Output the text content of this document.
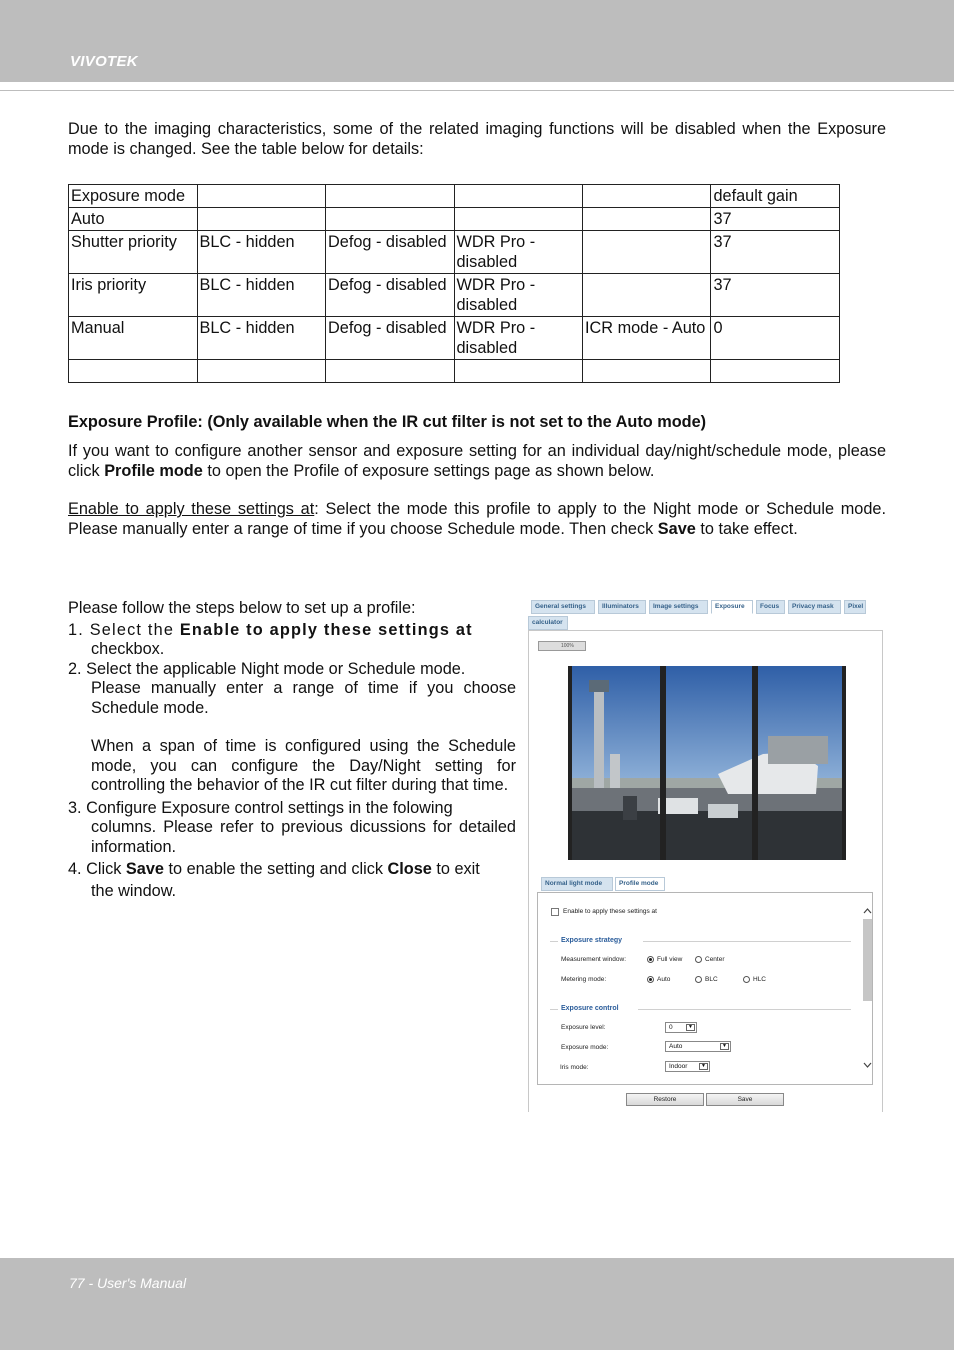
VIVOTEK

Due to the imaging characteristics, some of the related imaging functions will be disabled when the Exposure mode is changed. See the table below for details:

Exposure mode					default gain
Auto					37
Shutter priority	BLC - hidden	Defog - disabled	WDR Pro - disabled		37
Iris priority	BLC - hidden	Defog - disabled	WDR Pro - disabled		37
Manual	BLC - hidden	Defog - disabled	WDR Pro - disabled	ICR mode - Auto	0

Exposure Profile: (Only available when the IR cut filter is not set to the Auto mode)

If you want to configure another sensor and exposure setting for an individual day/night/schedule mode, please click Profile mode to open the Profile of exposure settings page as shown below.

Enable to apply these settings at: Select the mode this profile to apply to the Night mode or Schedule mode. Please manually enter a range of time if you choose Schedule mode. Then check Save to take effect.

Please follow the steps below to set up a profile:
1. Select the Enable to apply these settings at
checkbox.
2. Select the applicable Night mode or Schedule mode.
Please manually enter a range of time if you choose Schedule mode.
When a span of time is configured using the Schedule mode, you can configure the Day/Night setting for controlling the behavior of the IR cut filter during that time.
3. Configure Exposure control settings in the folowing
columns. Please refer to previous dicussions for detailed information.
4. Click Save to enable the setting and click Close to exit
the window.
General settings	Illuminators	Image settings	Exposure	Focus	Privacy mask	Pixel
calculator
100%
Normal light mode	Profile mode
Enable to apply these settings at
Exposure strategy
Measurement window:	Full view	Center
Metering mode:	Auto	BLC	HLC
Exposure control
Exposure level:	0	▼
Exposure mode:	Auto	▼
Iris mode:	Indoor	▼
Restore	Save
77 - User's Manual
